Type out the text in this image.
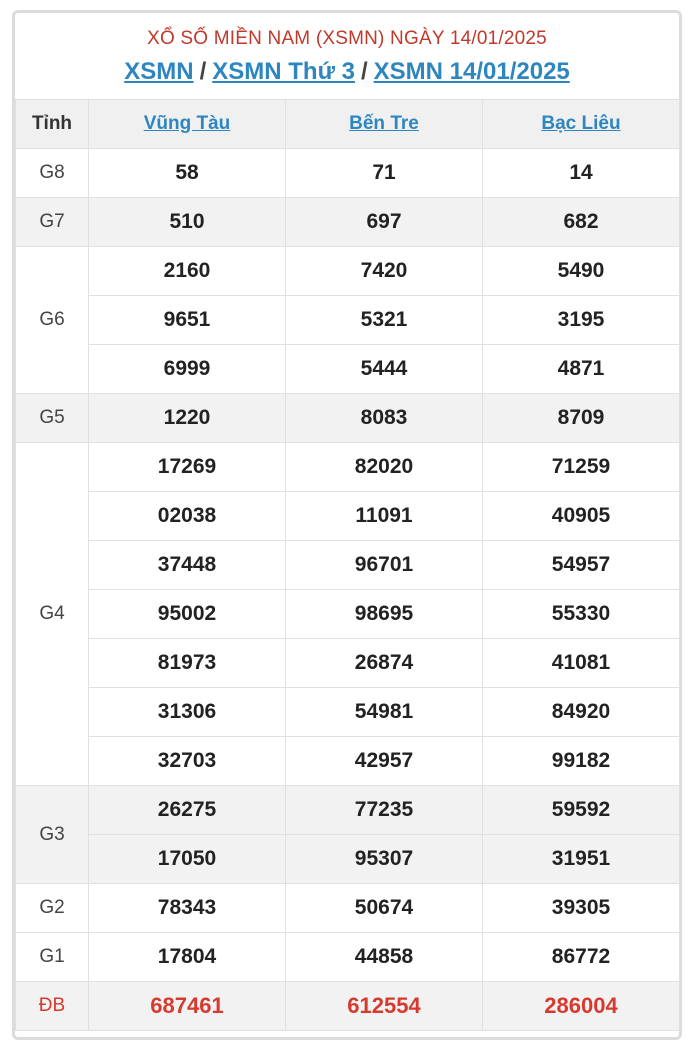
XỔ SỐ MIỀN NAM (XSMN) NGÀY 14/01/2025
XSMN / XSMN Thứ 3 / XSMN 14/01/2025
Tỉnh	Vũng Tàu	Bến Tre	Bạc Liêu
G8	58	71	14
G7	510	697	682
G6	2160	7420	5490
	9651	5321	3195
	6999	5444	4871
G5	1220	8083	8709
G4	17269	82020	71259
	02038	11091	40905
	37448	96701	54957
	95002	98695	55330
	81973	26874	41081
	31306	54981	84920
	32703	42957	99182
G3	26275	77235	59592
	17050	95307	31951
G2	78343	50674	39305
G1	17804	44858	86772
ĐB	687461	612554	286004
